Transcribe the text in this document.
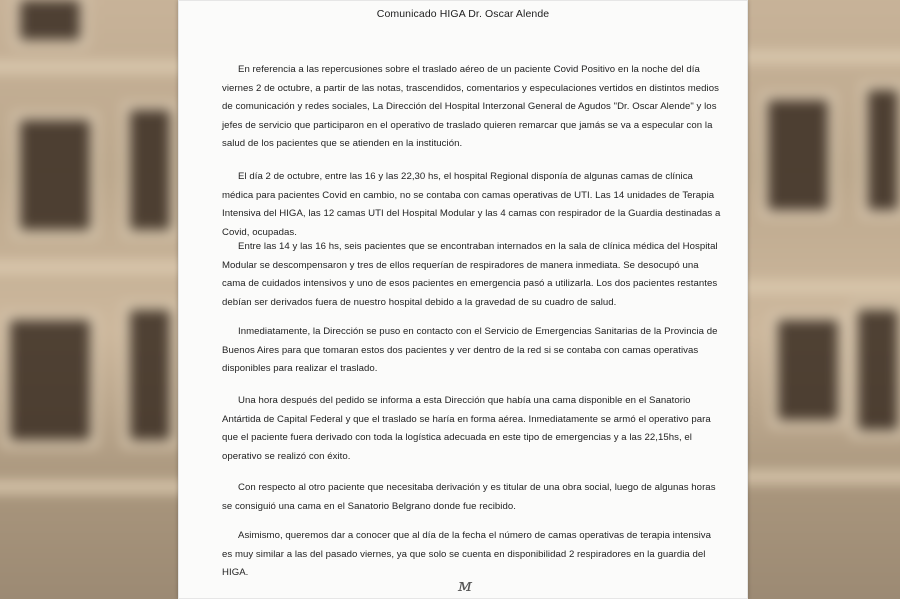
Comunicado HIGA Dr. Oscar Alende

En referencia a las repercusiones sobre el traslado aéreo de un paciente Covid Positivo en la noche del día viernes 2 de octubre, a partir de las notas, trascendidos, comentarios y especulaciones vertidos en distintos medios de comunicación y redes sociales, La Dirección del Hospital Interzonal General de Agudos "Dr. Oscar Alende" y los jefes de servicio que participaron en el operativo de traslado quieren remarcar que jamás se va a especular con la salud de los pacientes que se atienden en la institución.

El día 2 de octubre, entre las 16 y las 22,30 hs, el hospital Regional disponía de algunas camas de clínica médica para pacientes Covid en cambio, no se contaba con camas operativas de UTI. Las 14 unidades de Terapia Intensiva del HIGA, las 12 camas UTI del Hospital Modular y las 4 camas con respirador de la Guardia destinadas a Covid, ocupadas.

Entre las 14 y las 16 hs, seis pacientes que se encontraban internados en la sala de clínica médica del Hospital Modular se descompensaron y tres de ellos requerían de respiradores de manera inmediata. Se desocupó una cama de cuidados intensivos y uno de esos pacientes en emergencia pasó a utilizarla. Los dos pacientes restantes debían ser derivados fuera de nuestro hospital debido a la gravedad de su cuadro de salud.

Inmediatamente, la Dirección se puso en contacto con el Servicio de Emergencias Sanitarias de la Provincia de Buenos Aires para que tomaran estos dos pacientes y ver dentro de la red si se contaba con camas operativas disponibles para realizar el traslado.

Una hora después del pedido se informa a esta Dirección que había una cama disponible en el Sanatorio Antártida de Capital Federal y que el traslado se haría en forma aérea. Inmediatamente se armó el operativo para que el paciente fuera derivado con toda la logística adecuada en este tipo de emergencias y a las 22,15hs, el operativo se realizó con éxito.

Con respecto al otro paciente que necesitaba derivación y es titular de una obra social, luego de algunas horas se consiguió una cama en el Sanatorio Belgrano donde fue recibido.

Asimismo, queremos dar a conocer que al día de la fecha el número de camas operativas de terapia intensiva es muy similar a las del pasado viernes, ya que solo se cuenta en disponibilidad 2 respiradores en la guardia del HIGA.

ᴍ
